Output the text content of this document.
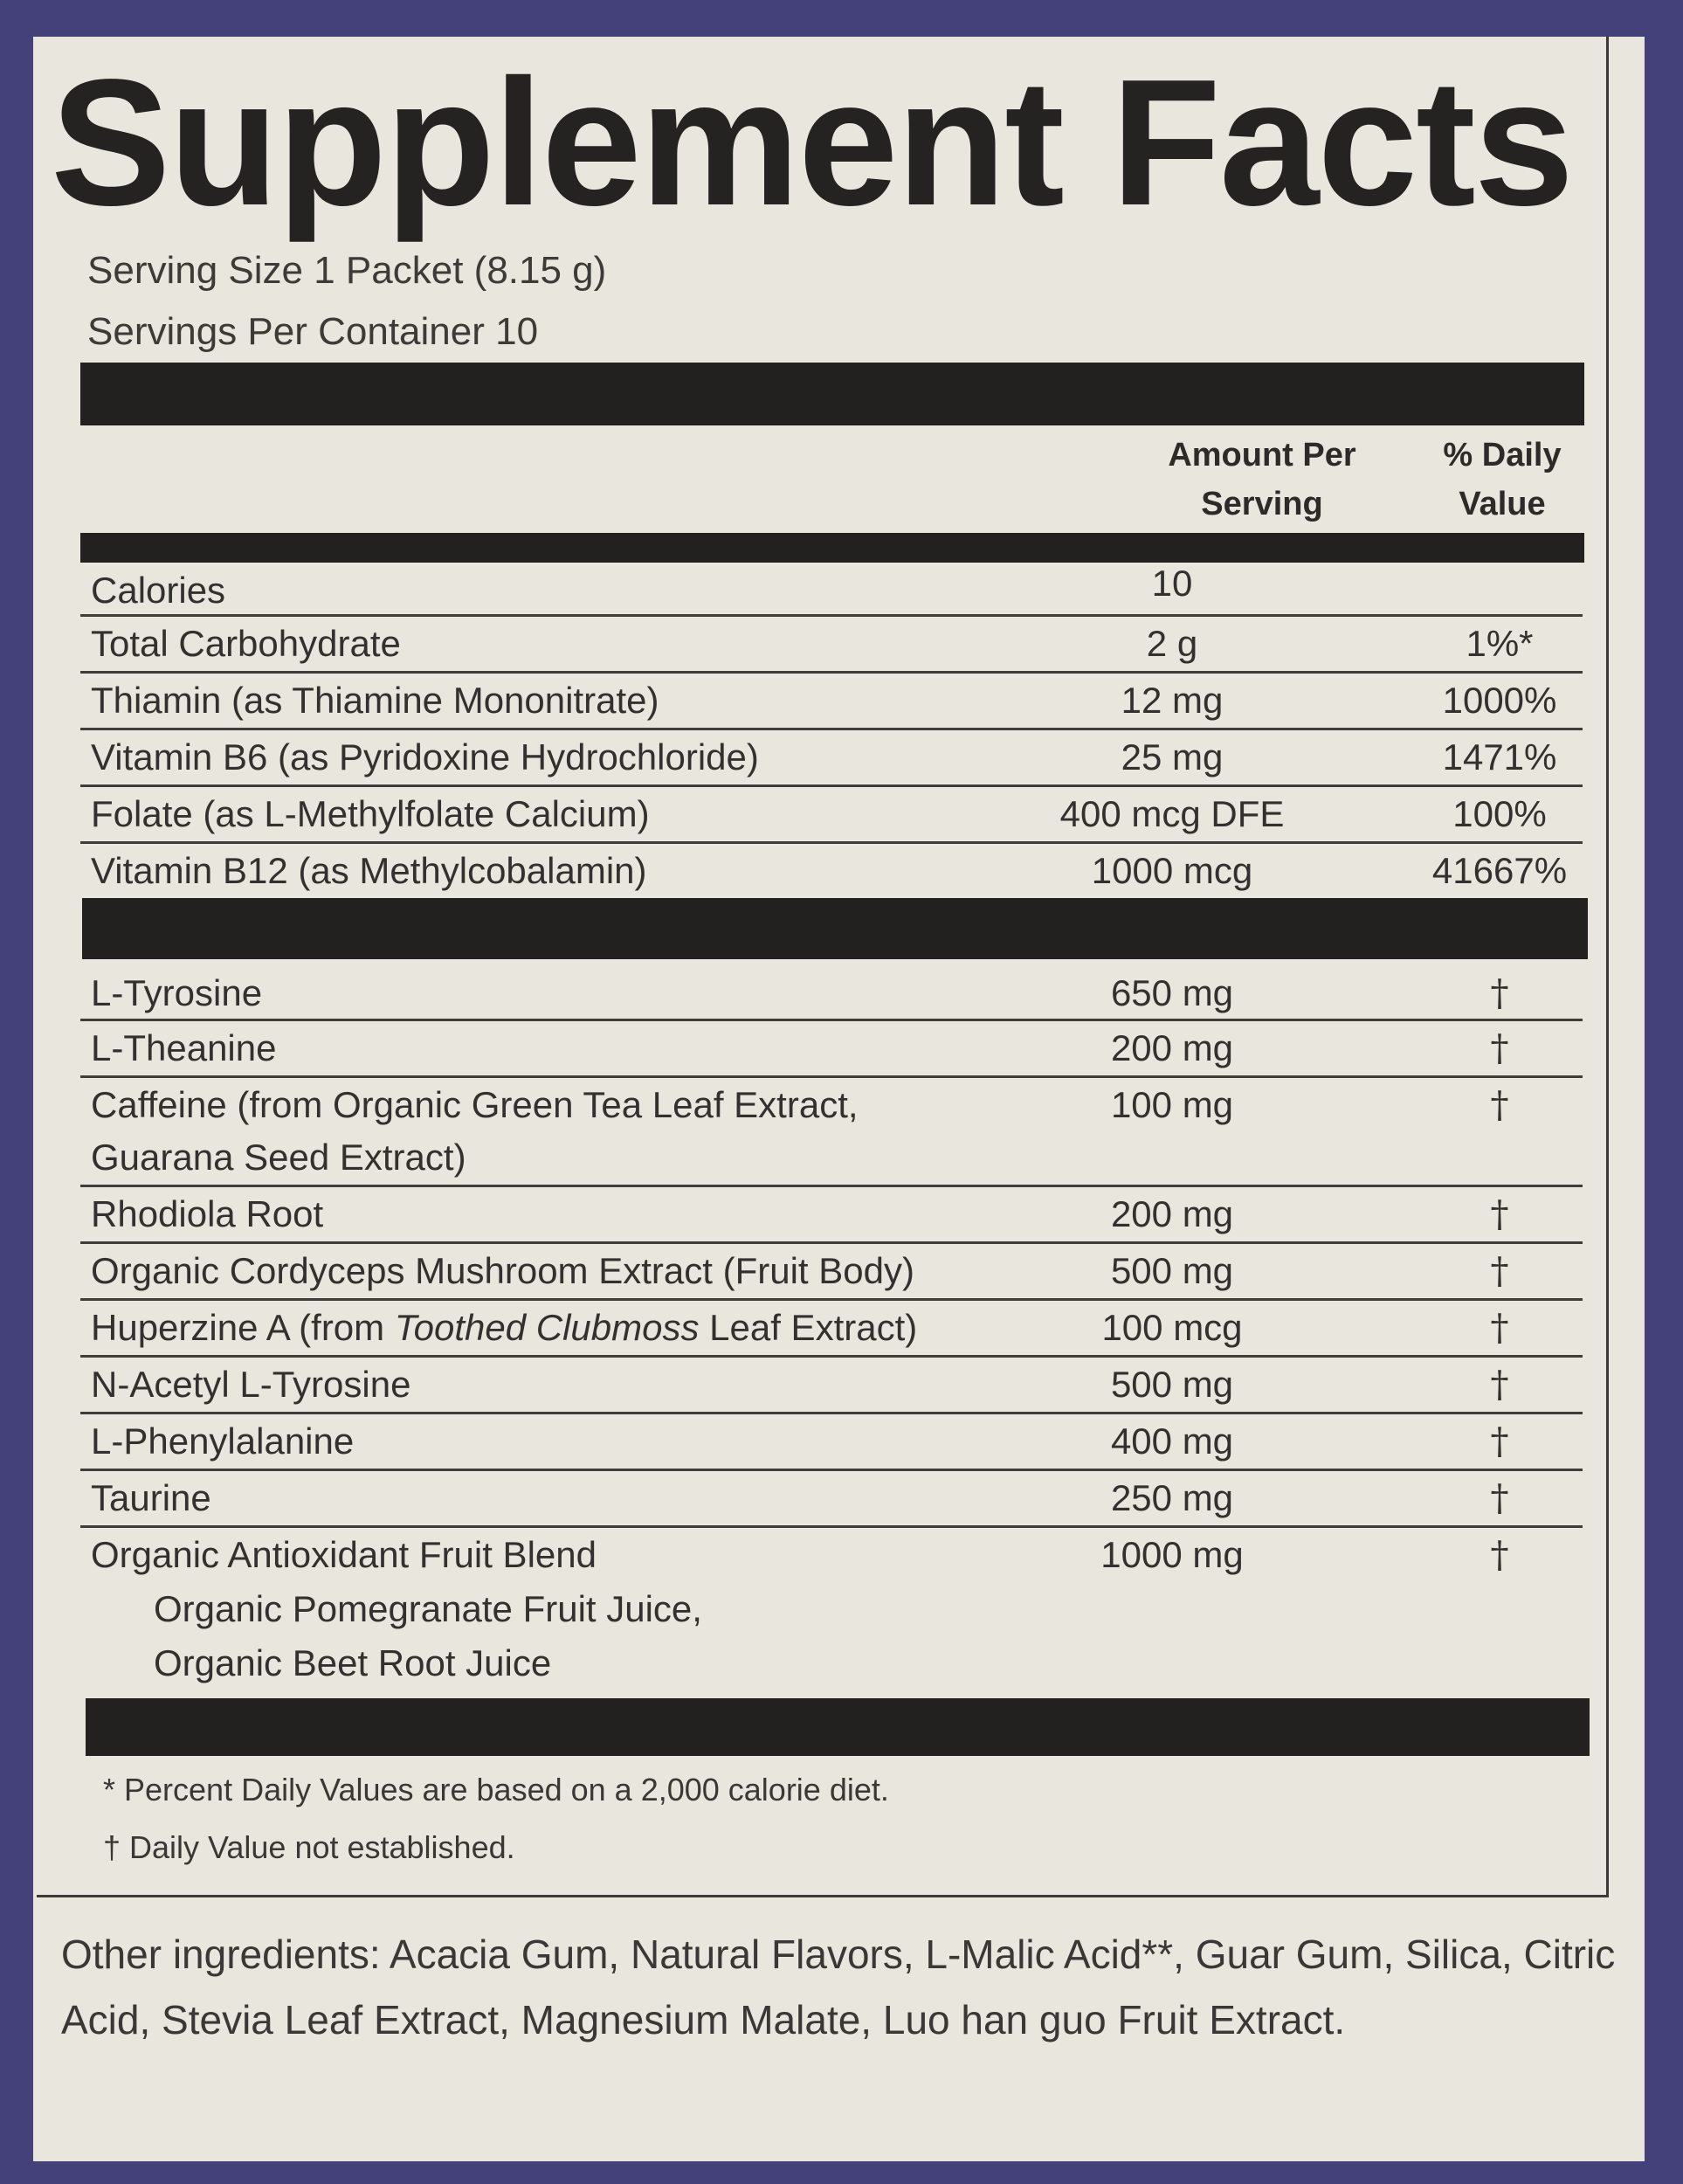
Supplement Facts
Serving Size 1 Packet (8.15 g)
Servings Per Container 10
Amount Per Serving
% Daily Value
Calories	10
Total Carbohydrate	2 g	1%*
Thiamin (as Thiamine Mononitrate)	12 mg	1000%
Vitamin B6 (as Pyridoxine Hydrochloride)	25 mg	1471%
Folate (as L-Methylfolate Calcium)	400 mcg DFE	100%
Vitamin B12 (as Methylcobalamin)	1000 mcg	41667%
L-Tyrosine	650 mg	†
L-Theanine	200 mg	†
Caffeine (from Organic Green Tea Leaf Extract,
Guarana Seed Extract)
100 mg	†
Rhodiola Root	200 mg	†
Organic Cordyceps Mushroom Extract (Fruit Body)	500 mg	†
Huperzine A (from Toothed Clubmoss Leaf Extract)	100 mcg	†
N-Acetyl L-Tyrosine	500 mg	†
L-Phenylalanine	400 mg	†
Taurine	250 mg	†
Organic Antioxidant Fruit Blend
Organic Pomegranate Fruit Juice,
Organic Beet Root Juice
1000 mg	†
* Percent Daily Values are based on a 2,000 calorie diet.
† Daily Value not established.
Other ingredients: Acacia Gum, Natural Flavors, L-Malic Acid**, Guar Gum, Silica, Citric Acid, Stevia Leaf Extract, Magnesium Malate, Luo han guo Fruit Extract.
